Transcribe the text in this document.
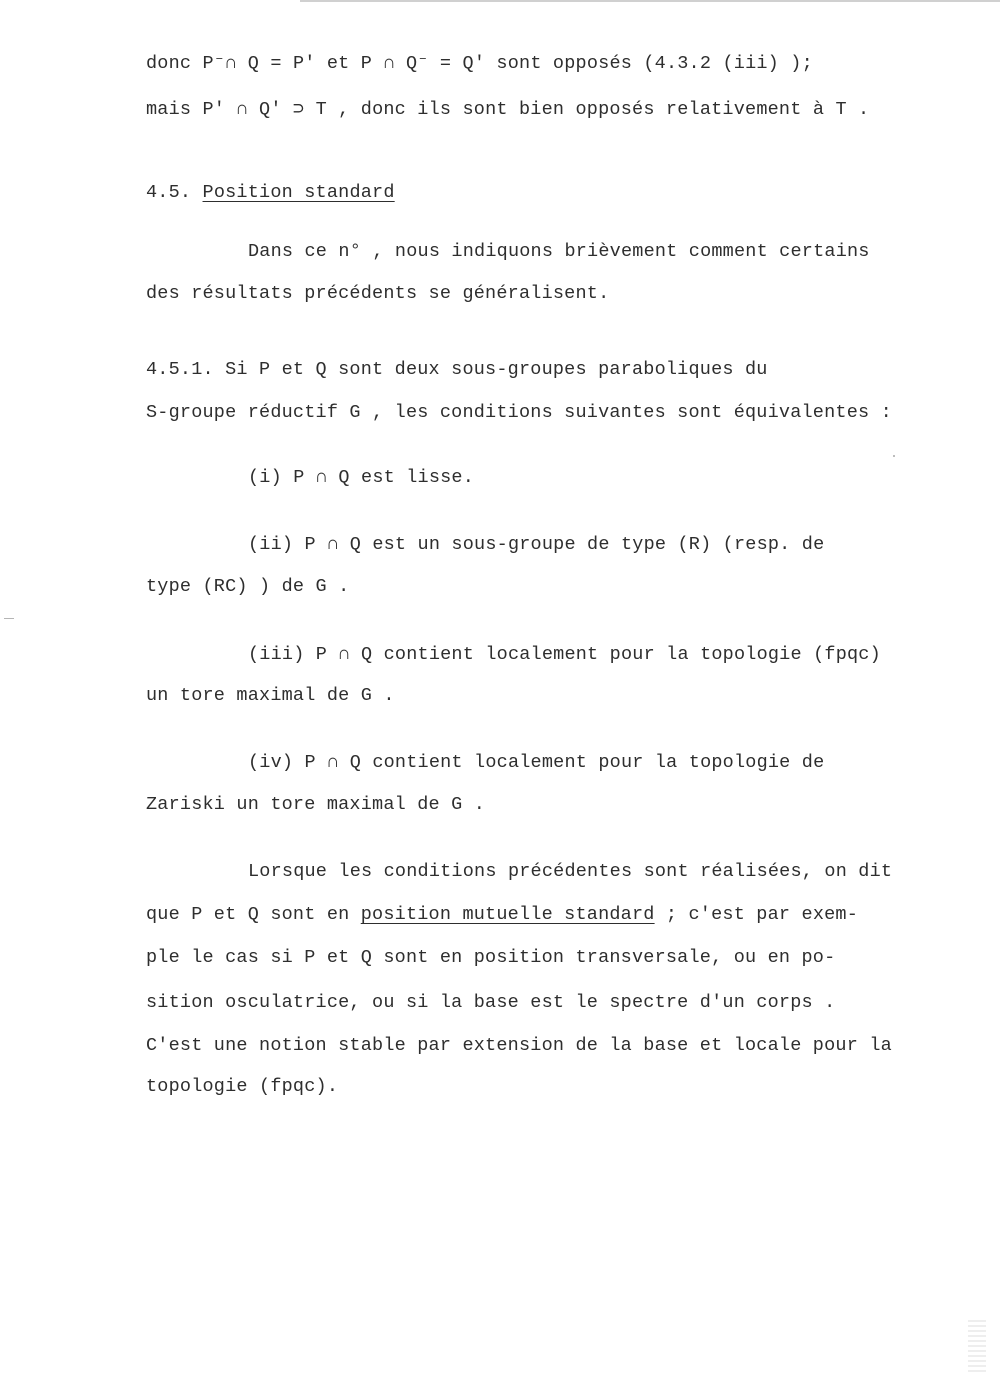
donc P⁻∩ Q = P' et P ∩ Q⁻ = Q' sont opposés (4.3.2 (iii) );
mais P' ∩ Q' ⊃ T , donc ils sont bien opposés relativement à T .
4.5. Position standard
Dans ce n° , nous indiquons brièvement comment certains
des résultats précédents se généralisent.
4.5.1. Si P et Q sont deux sous-groupes paraboliques du
S-groupe réductif G , les conditions suivantes sont équivalentes :
(i) P ∩ Q est lisse.
(ii) P ∩ Q est un sous-groupe de type (R) (resp. de
type (RC) ) de G .
(iii) P ∩ Q contient localement pour la topologie (fpqc)
un tore maximal de G .
(iv) P ∩ Q contient localement pour la topologie de
Zariski un tore maximal de G .
Lorsque les conditions précédentes sont réalisées, on dit
que P et Q sont en position mutuelle standard ; c'est par exem-
ple le cas si P et Q sont en position transversale, ou en po-
sition osculatrice, ou si la base est le spectre d'un corps .
C'est une notion stable par extension de la base et locale pour la
topologie (fpqc).
